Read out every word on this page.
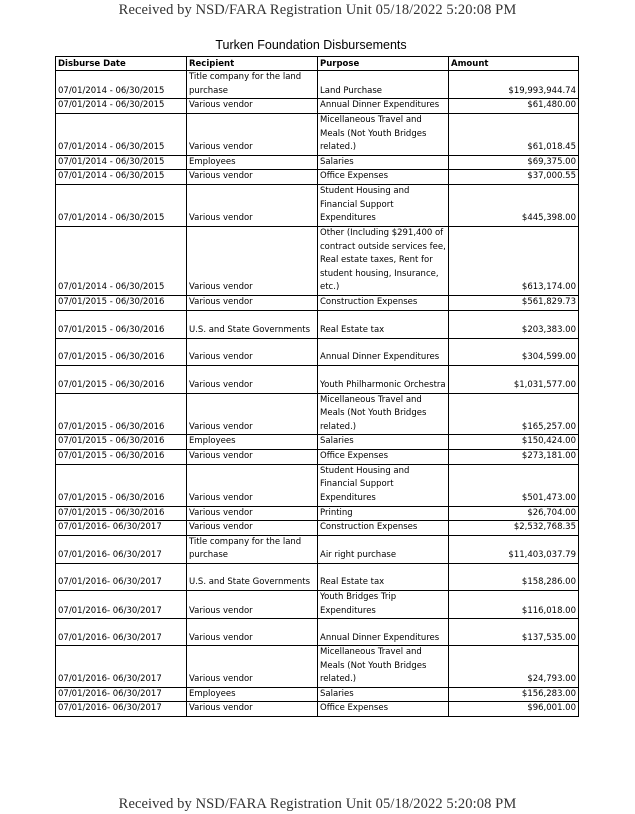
Received by NSD/FARA Registration Unit 05/18/2022 5:20:08 PM
Turken Foundation Disbursements
Disburse Date	Recipient	Purpose	Amount
07/01/2014 - 06/30/2015	Title company for the land purchase	Land Purchase	$19,993,944.74
07/01/2014 - 06/30/2015	Various vendor	Annual Dinner Expenditures	$61,480.00
07/01/2014 - 06/30/2015	Various vendor	Micellaneous Travel and Meals (Not Youth Bridges related.)	$61,018.45
07/01/2014 - 06/30/2015	Employees	Salaries	$69,375.00
07/01/2014 - 06/30/2015	Various vendor	Office Expenses	$37,000.55
07/01/2014 - 06/30/2015	Various vendor	Student Housing and Financial Support Expenditures	$445,398.00
07/01/2014 - 06/30/2015	Various vendor	Other (Including $291,400 of contract outside services fee, Real estate taxes, Rent for student housing, Insurance, etc.)	$613,174.00
07/01/2015 - 06/30/2016	Various vendor	Construction Expenses	$561,829.73
07/01/2015 - 06/30/2016	U.S. and State Governments	Real Estate tax	$203,383.00
07/01/2015 - 06/30/2016	Various vendor	Annual Dinner Expenditures	$304,599.00
07/01/2015 - 06/30/2016	Various vendor	Youth Philharmonic Orchestra	$1,031,577.00
07/01/2015 - 06/30/2016	Various vendor	Micellaneous Travel and Meals (Not Youth Bridges related.)	$165,257.00
07/01/2015 - 06/30/2016	Employees	Salaries	$150,424.00
07/01/2015 - 06/30/2016	Various vendor	Office Expenses	$273,181.00
07/01/2015 - 06/30/2016	Various vendor	Student Housing and Financial Support Expenditures	$501,473.00
07/01/2015 - 06/30/2016	Various vendor	Printing	$26,704.00
07/01/2016- 06/30/2017	Various vendor	Construction Expenses	$2,532,768.35
07/01/2016- 06/30/2017	Title company for the land purchase	Air right purchase	$11,403,037.79
07/01/2016- 06/30/2017	U.S. and State Governments	Real Estate tax	$158,286.00
07/01/2016- 06/30/2017	Various vendor	Youth Bridges Trip Expenditures	$116,018.00
07/01/2016- 06/30/2017	Various vendor	Annual Dinner Expenditures	$137,535.00
07/01/2016- 06/30/2017	Various vendor	Micellaneous Travel and Meals (Not Youth Bridges related.)	$24,793.00
07/01/2016- 06/30/2017	Employees	Salaries	$156,283.00
07/01/2016- 06/30/2017	Various vendor	Office Expenses	$96,001.00
Received by NSD/FARA Registration Unit 05/18/2022 5:20:08 PM
